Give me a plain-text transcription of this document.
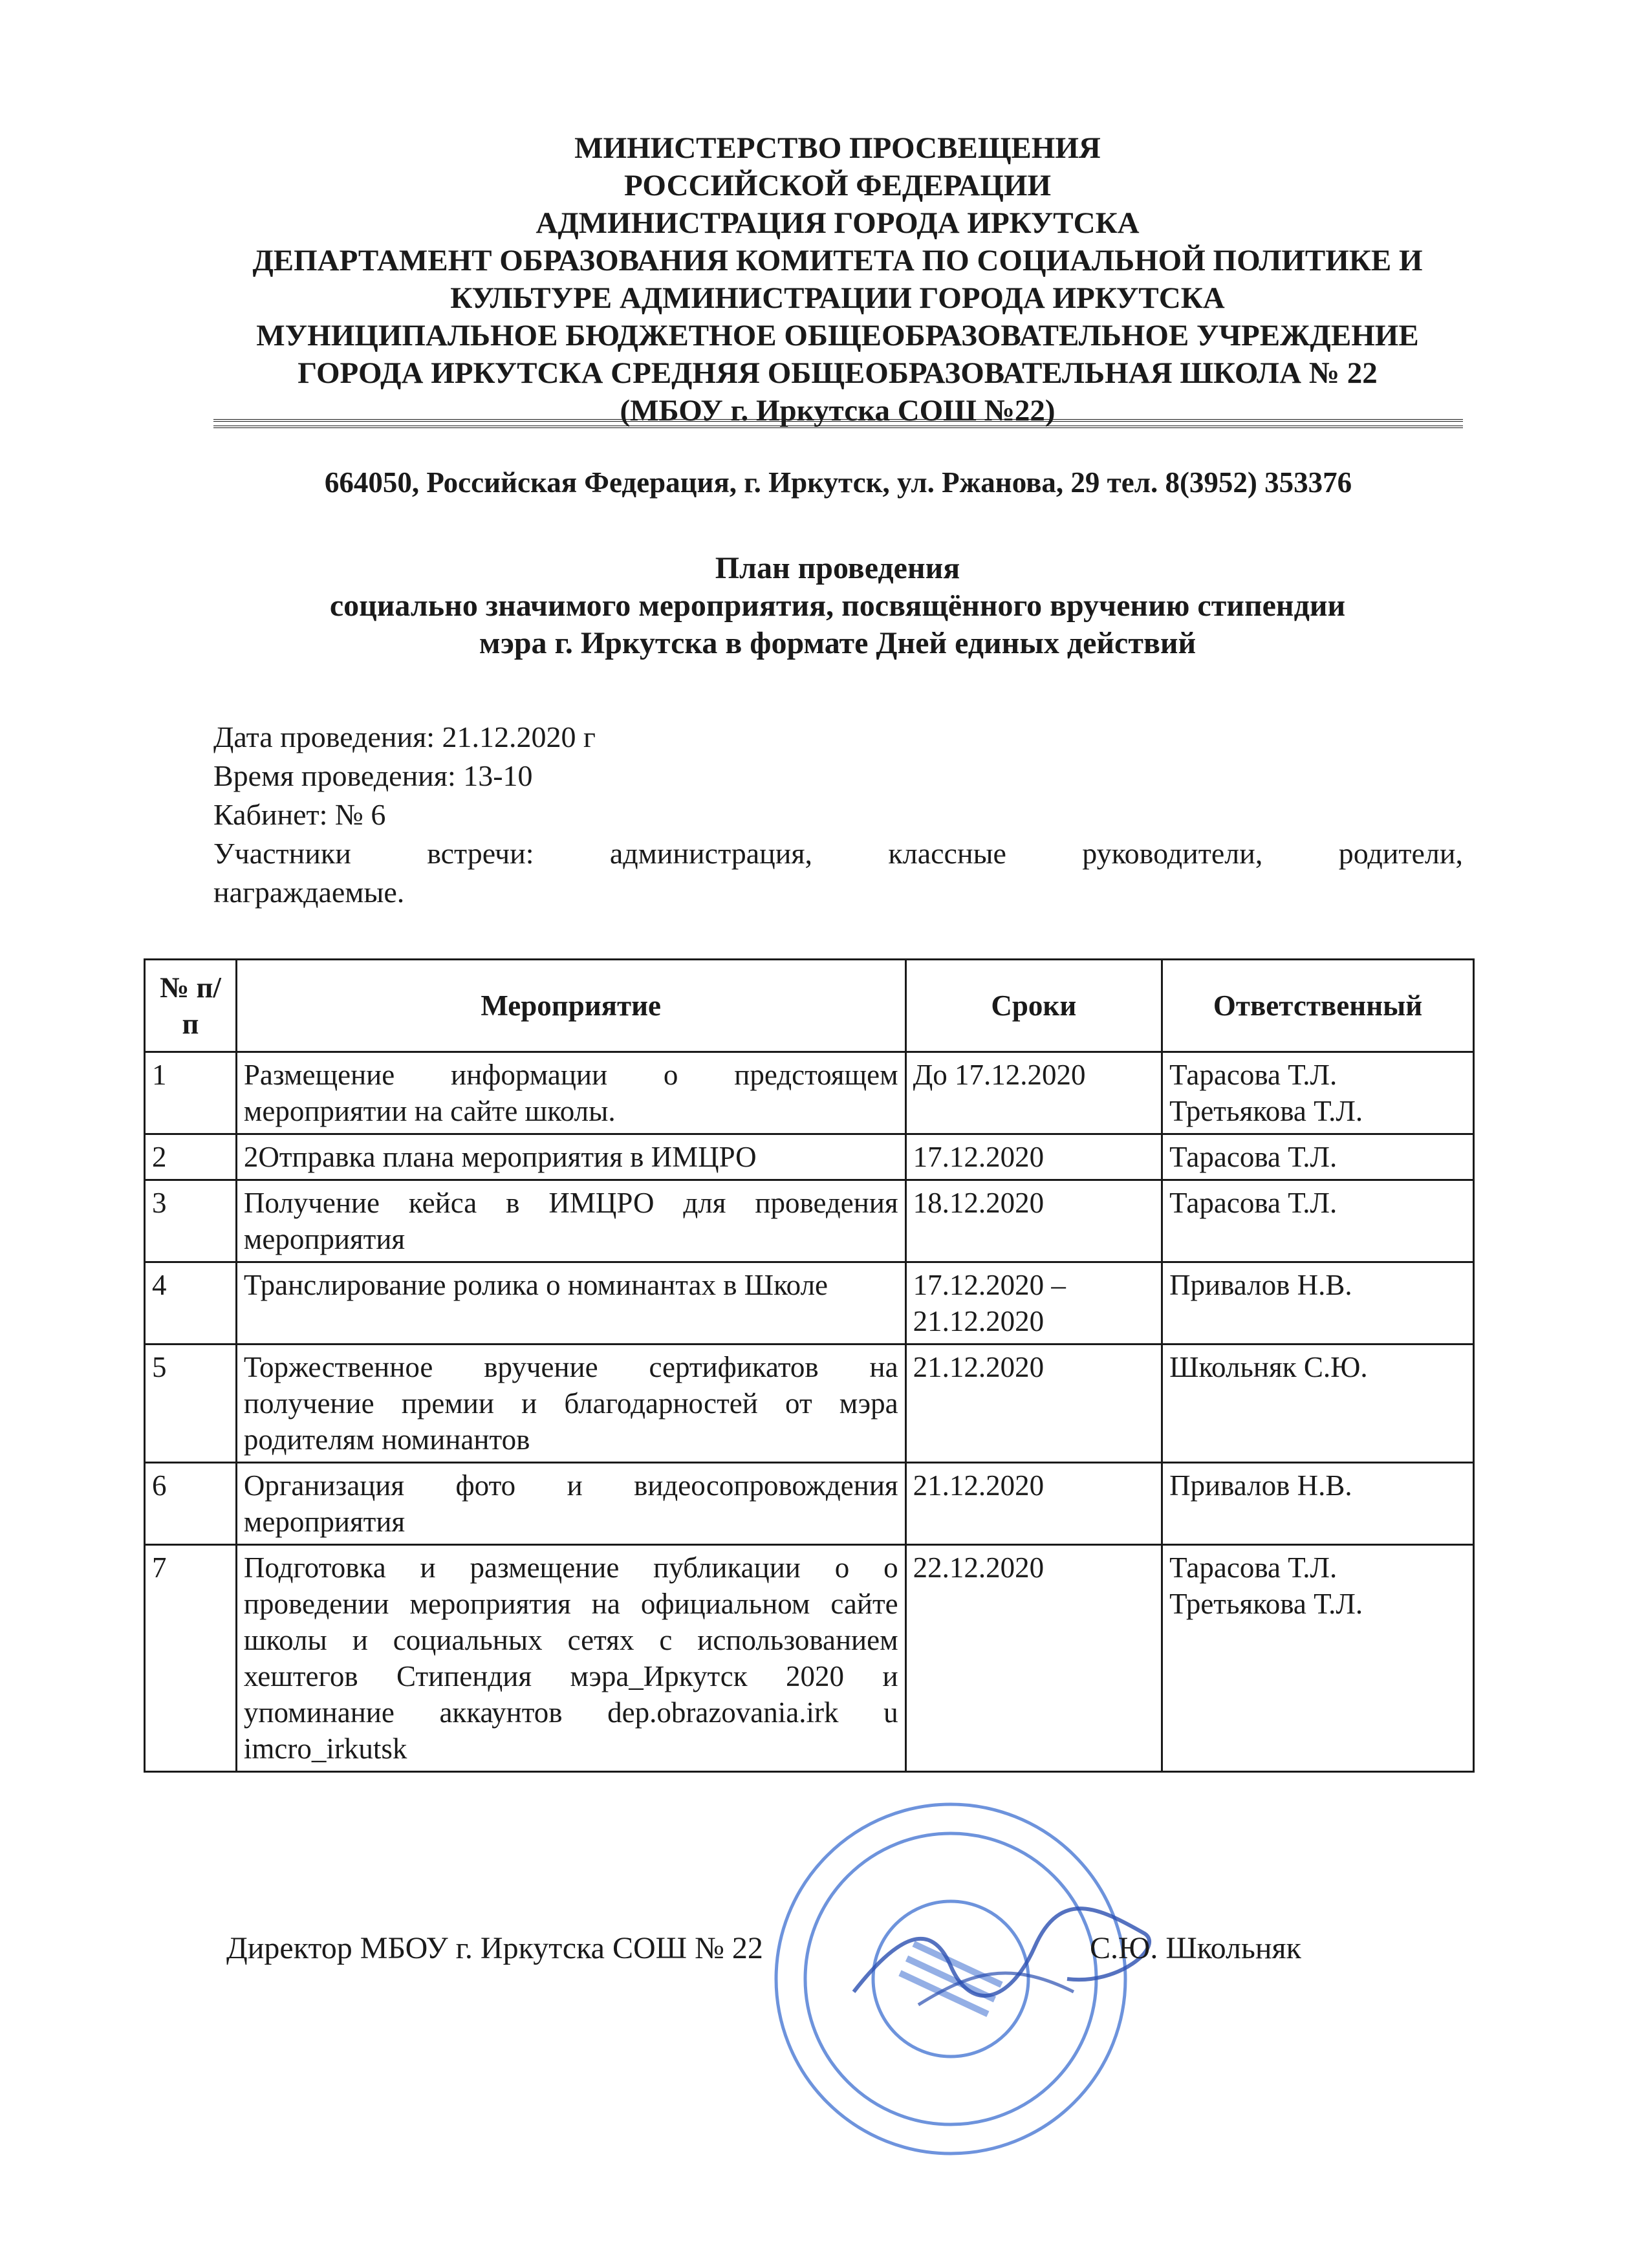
МИНИСТЕРСТВО ПРОСВЕЩЕНИЯ
РОССИЙСКОЙ ФЕДЕРАЦИИ
АДМИНИСТРАЦИЯ ГОРОДА ИРКУТСКА
ДЕПАРТАМЕНТ ОБРАЗОВАНИЯ КОМИТЕТА ПО СОЦИАЛЬНОЙ ПОЛИТИКЕ И
КУЛЬТУРЕ АДМИНИСТРАЦИИ ГОРОДА ИРКУТСКА
МУНИЦИПАЛЬНОЕ БЮДЖЕТНОЕ ОБЩЕОБРАЗОВАТЕЛЬНОЕ УЧРЕЖДЕНИЕ
ГОРОДА ИРКУТСКА СРЕДНЯЯ ОБЩЕОБРАЗОВАТЕЛЬНАЯ ШКОЛА № 22
(МБОУ г. Иркутска СОШ №22)
664050, Российская Федерация, г. Иркутск, ул. Ржанова, 29 тел. 8(3952) 353376
План проведения
социально значимого мероприятия, посвящённого вручению стипендии
мэра г. Иркутска в формате Дней единых действий
Дата проведения: 21.12.2020 г
Время проведения: 13-10
Кабинет: № 6
Участники встречи: администрация, классные руководители, родители,
награждаемые.
№ п/п	Мероприятие	Сроки	Ответственный
1	Размещение информации о предстоящем мероприятии на сайте школы.	До 17.12.2020	Тарасова Т.Л.
Третьякова Т.Л.

2	2Отправка плана мероприятия в ИМЦРО	17.12.2020	Тарасова Т.Л.

3	Получение кейса в ИМЦРО для проведения мероприятия	18.12.2020	Тарасова Т.Л.

4	Транслирование ролика о номинантах в Школе	17.12.2020 – 21.12.2020	Привалов Н.В.

5	Торжественное вручение сертификатов на получение премии и благодарностей от мэра родителям номинантов	21.12.2020	Школьняк С.Ю.

6	Организация фото и видеосопровождения мероприятия	21.12.2020	Привалов Н.В.

7	Подготовка и размещение публикации о о проведении мероприятия на официальном сайте школы и социальных сетях с использованием хештегов Стипендия мэра_Иркутск 2020 и упоминание аккаунтов dep.obrazovania.irk u imcro_irkutsk	22.12.2020	Тарасова Т.Л.
Третьякова Т.Л.
Директор МБОУ г. Иркутска СОШ № 22	С.Ю. Школьняк
